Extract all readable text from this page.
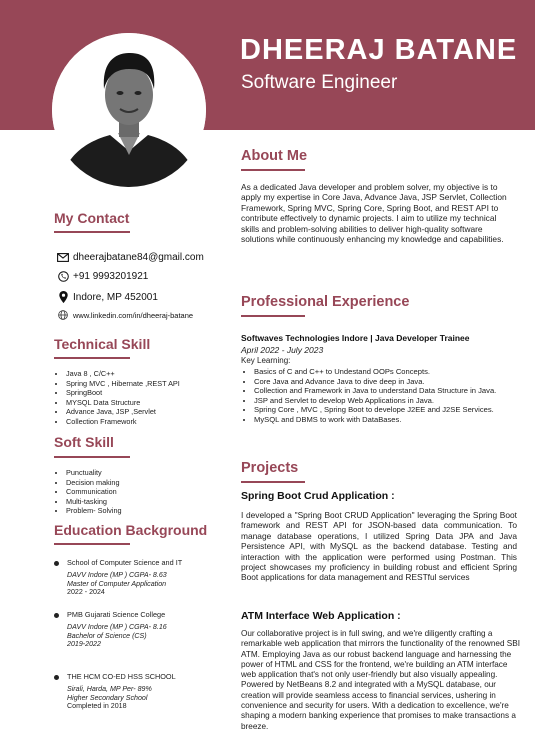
DHEERAJ BATANE
Software Engineer
My Contact
dheerajbatane84@gmail.com
+91 9993201921
Indore, MP 452001
www.linkedin.com/in/dheeraj-batane
Technical Skill
• Java 8 , C/C++
• Spring MVC , Hibernate ,REST API
• SpringBoot
• MYSQL Data Structure
• Advance Java, JSP ,Servlet
• Collection Framework
Soft Skill
• Punctuality
• Decision making
• Communication
• Multi-tasking
• Problem- Solving
Education Background
School of Computer Science and IT
DAVV Indore (MP ) CGPA- 8.63
Master of Computer Application
2022 - 2024
PMB Gujarati Science College
DAVV Indore (MP ) CGPA- 8.16
Bachelor of Science (CS)
2019-2022
THE HCM CO-ED HSS SCHOOL
Sirali, Harda, MP Per- 89%
Higher Secondary School
Completed in 2018
About Me
As a dedicated Java developer and problem solver, my objective is to apply my expertise in Core Java, Advance Java, JSP Servlet, Collection Framework, Spring MVC, Spring Core, Spring Boot, and REST API to contribute effectively to dynamic projects. I aim to utilize my technical skills and problem-solving abilities to deliver high-quality software solutions while continuously enhancing my knowledge and capabilities.
Professional Experience
Softwaves Technologies Indore | Java Developer Trainee
April 2022 - July 2023
Key Learning:
• Basics of C and C++ to Undestand OOPs Concepts.
• Core Java and Advance Java to dive deep in Java.
• Collection and Framework in Java to understand Data Structure in Java.
• JSP and Servlet to develop Web Applications in Java.
• Spring Core , MVC , Spring Boot to develope J2EE and J2SE Services.
• MySQL and DBMS to work with DataBases.
Projects
Spring Boot Crud Application :
I developed a "Spring Boot CRUD Application" leveraging the Spring Boot framework and REST API for JSON-based data communication. To manage database operations, I utilized Spring Data JPA and Java Persistence API, with MySQL as the backend database. Testing and interaction with the application were performed using Postman. This project showcases my proficiency in building robust and efficient Spring Boot applications for data management and RESTful services
ATM Interface Web Application :
Our collaborative project is in full swing, and we're diligently crafting a remarkable web application that mirrors the functionality of the renowned SBI ATM. Employing Java as our robust backend language and harnessing the power of HTML and CSS for the frontend, we're building an ATM interface web application that's not only user-friendly but also visually appealing. Powered by NetBeans 8.2 and integrated with a MySQL database, our creation will provide seamless access to financial services, ushering in convenience and security for users. With a dedication to excellence, we're shaping a modern banking experience that promises to make transactions a breeze.
